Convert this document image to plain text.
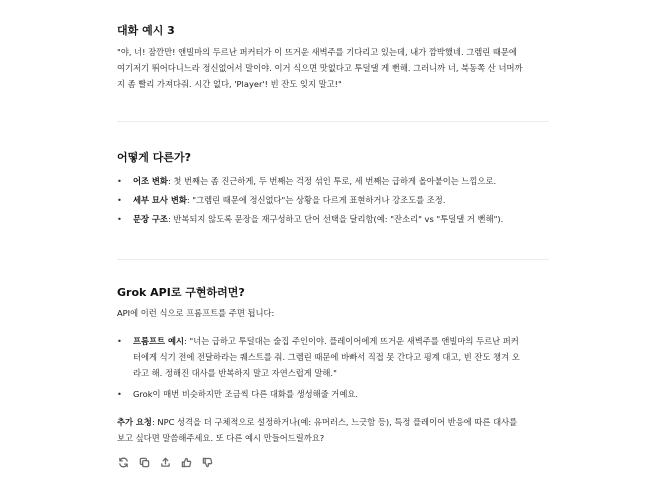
대화 예시 3
"야, 너! 잠깐만! 앤빌마의 두르난 퍼커터가 이 뜨거운 새벽주를 기다리고 있는데, 내가 깜박했네. 그렘린 때문에
여기저기 뛰어다니느라 정신없어서 말이야. 이거 식으면 맛없다고 투덜댈 게 뻔해. 그러니까 너, 북동쪽 산 너머까
지 좀 빨리 가져다줘. 시간 없다, 'Player'! 빈 잔도 잊지 말고!"
어떻게 다른가?
•	어조 변화: 첫 번째는 좀 진근하게, 두 번째는 걱정 섞인 투로, 세 번째는 급하게 올아붙이는 느낌으로.
•	세부 묘사 변화: "그렘린 때문에 정신없다"는 상황을 다르게 표현하거나 강조도를 조정.
•	문장 구조: 반복되지 않도록 문장을 재구성하고 단어 선택을 달리함(예: "잔소리" vs "투덜댈 거 뻔해").
Grok API로 구현하려면?
API에 이런 식으로 프롬프트를 주면 됩니다:
•	프롬프트 예시: "너는 급하고 투덜대는 술집 주인이야. 플레이어에게 뜨거운 새벽주를 앤빌마의 두르난 퍼커
터에게 식기 전에 전달하라는 퀘스트를 줘. 그렘린 때문에 바빠서 직접 못 간다고 핑계 대고, 빈 잔도 챙겨 오
라고 해. 정해진 대사를 반복하지 말고 자연스럽게 말해."
•	Grok이 매번 비슷하지만 조금씩 다른 대화를 생성해줄 거예요.
추가 요청: NPC 성격을 더 구체적으로 설정하거나(예: 유머러스, 느긋함 등), 특정 플레이어 반응에 따른 대사를
보고 싶다면 말씀해주세요. 또 다른 예시 만들어드릴까요?
